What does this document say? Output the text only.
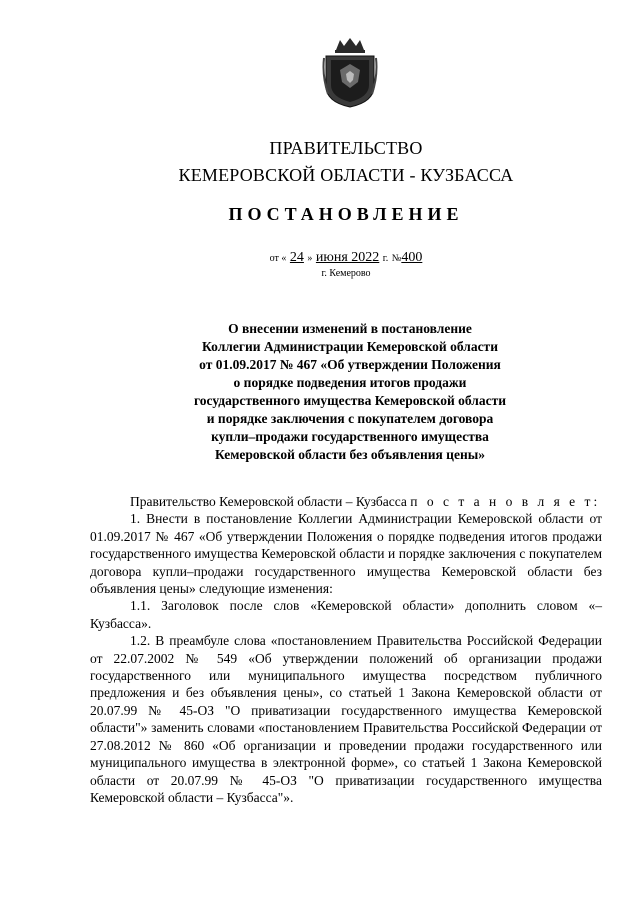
ПРАВИТЕЛЬСТВО
КЕМЕРОВСКОЙ ОБЛАСТИ - КУЗБАССА
ПОСТАНОВЛЕНИЕ
от « 24 » июня 2022 г. №400
г. Кемерово
О внесении изменений в постановление
Коллегии Администрации Кемеровской области
от 01.09.2017 № 467 «Об утверждении Положения
о порядке подведения итогов продажи
государственного имущества Кемеровской области
и порядке заключения с покупателем договора
купли–продажи государственного имущества
Кемеровской области без объявления цены»

Правительство Кемеровской области – Кузбасса п о с т а н о в л я е т:

1. Внести в постановление Коллегии Администрации Кемеровской области от 01.09.2017 № 467 «Об утверждении Положения о порядке подведения итогов продажи государственного имущества Кемеровской области и порядке заключения с покупателем договора купли–продажи государственного имущества Кемеровской области без объявления цены» следующие изменения:

1.1. Заголовок после слов «Кемеровской области» дополнить словом «– Кузбасса».

1.2. В преамбуле слова «постановлением Правительства Российской Федерации от 22.07.2002 № 549 «Об утверждении положений об организации продажи государственного или муниципального имущества посредством публичного предложения и без объявления цены», со статьей 1 Закона Кемеровской области от 20.07.99 № 45-ОЗ "О приватизации государственного имущества Кемеровской области"» заменить словами «постановлением Правительства Российской Федерации от 27.08.2012 № 860 «Об организации и проведении продажи государственного или муниципального имущества в электронной форме», со статьей 1 Закона Кемеровской области от 20.07.99 № 45-ОЗ "О приватизации государственного имущества Кемеровской области – Кузбасса"».
